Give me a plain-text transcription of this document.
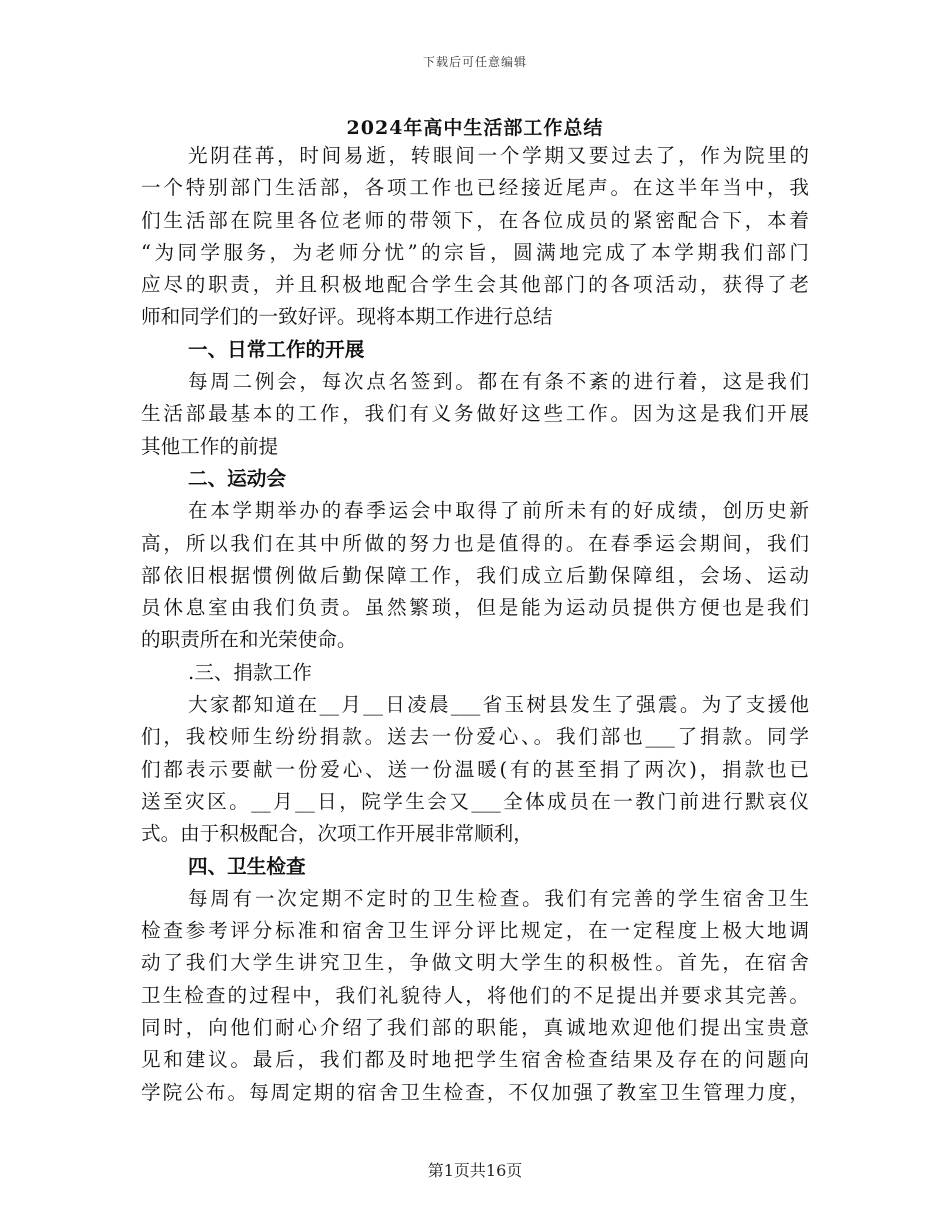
下载后可任意编辑
2024年高中生活部工作总结
光阴荏苒，时间易逝，转眼间一个学期又要过去了，作为院里的
一个特别部门生活部，各项工作也已经接近尾声。在这半年当中，我
们生活部在院里各位老师的带领下，在各位成员的紧密配合下，本着
“为同学服务，为老师分忧”的宗旨，圆满地完成了本学期我们部门
应尽的职责，并且积极地配合学生会其他部门的各项活动，获得了老
师和同学们的一致好评。现将本期工作进行总结
一、日常工作的开展
每周二例会，每次点名签到。都在有条不紊的进行着，这是我们
生活部最基本的工作，我们有义务做好这些工作。因为这是我们开展
其他工作的前提
二、运动会
在本学期举办的春季运会中取得了前所未有的好成绩，创历史新
高，所以我们在其中所做的努力也是值得的。在春季运会期间，我们
部依旧根据惯例做后勤保障工作，我们成立后勤保障组，会场、运动
员休息室由我们负责。虽然繁琐，但是能为运动员提供方便也是我们
的职责所在和光荣使命。
.三、捐款工作
大家都知道在__月__日凌晨___省玉树县发生了强震。为了支援他
们，我校师生纷纷捐款。送去一份爱心、。我们部也___了捐款。同学
们都表示要献一份爱心、送一份温暖(有的甚至捐了两次)，捐款也已
送至灾区。__月__日，院学生会又___全体成员在一教门前进行默哀仪
式。由于积极配合，次项工作开展非常顺利，
四、卫生检查
每周有一次定期不定时的卫生检查。我们有完善的学生宿舍卫生
检查参考评分标准和宿舍卫生评分评比规定，在一定程度上极大地调
动了我们大学生讲究卫生，争做文明大学生的积极性。首先，在宿舍
卫生检查的过程中，我们礼貌待人，将他们的不足提出并要求其完善。
同时，向他们耐心介绍了我们部的职能，真诚地欢迎他们提出宝贵意
见和建议。最后，我们都及时地把学生宿舍检查结果及存在的问题向
学院公布。每周定期的宿舍卫生检查，不仅加强了教室卫生管理力度，
第1页共16页
